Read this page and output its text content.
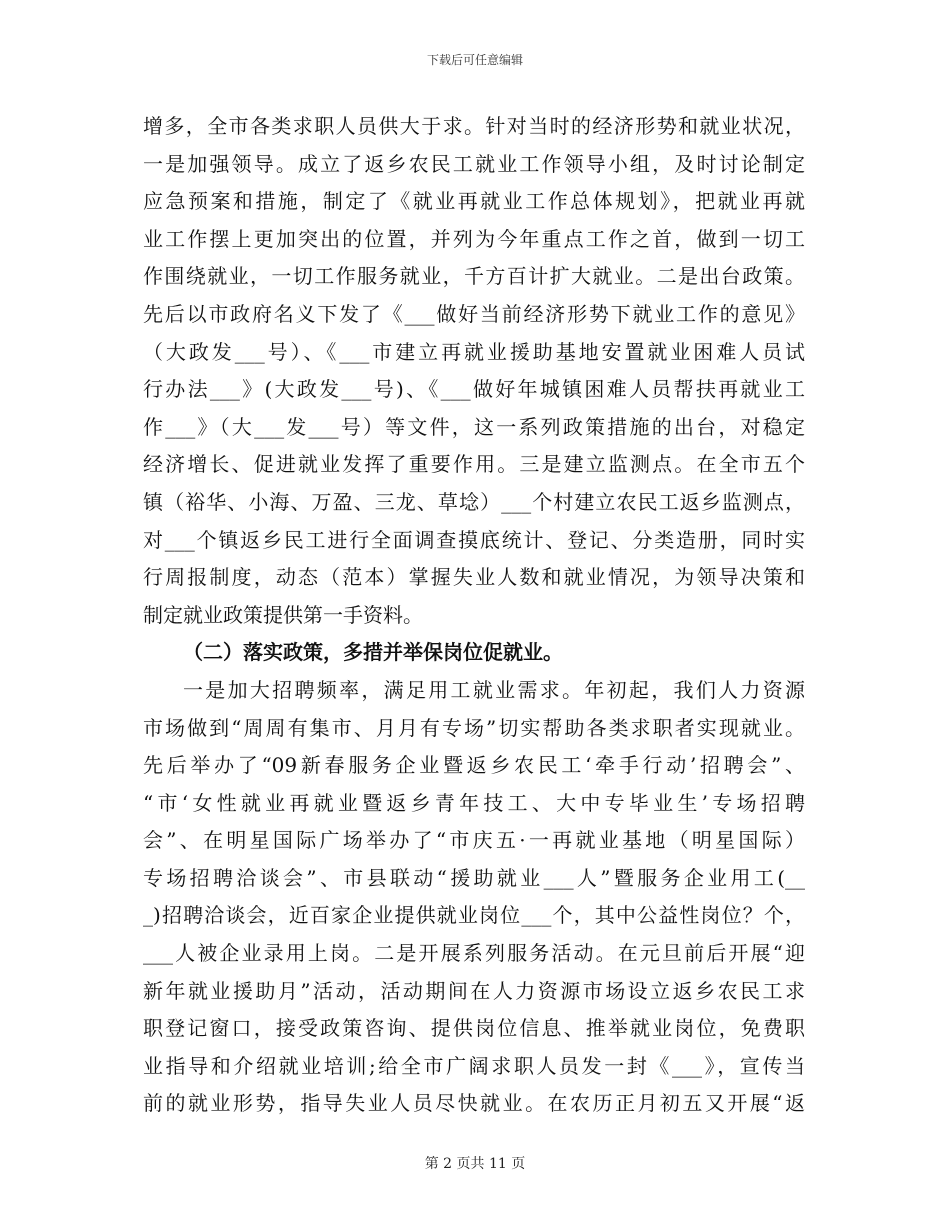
下载后可任意编辑
增多，全市各类求职人员供大于求。针对当时的经济形势和就业状况，
一是加强领导。成立了返乡农民工就业工作领导小组，及时讨论制定
应急预案和措施，制定了《就业再就业工作总体规划》，把就业再就
业工作摆上更加突出的位置，并列为今年重点工作之首，做到一切工
作围绕就业，一切工作服务就业，千方百计扩大就业。二是出台政策。
先后以市政府名义下发了《___做好当前经济形势下就业工作的意见》
（大政发___号）、《___市建立再就业援助基地安置就业困难人员试
行办法___》(大政发___号)、《___做好年城镇困难人员帮扶再就业工
作___》（大___发___号）等文件，这一系列政策措施的出台，对稳定
经济增长、促进就业发挥了重要作用。三是建立监测点。在全市五个
镇（裕华、小海、万盈、三龙、草埝）___个村建立农民工返乡监测点，
对___个镇返乡民工进行全面调查摸底统计、登记、分类造册，同时实
行周报制度，动态（范本）掌握失业人数和就业情况，为领导决策和
制定就业政策提供第一手资料。
（二）落实政策，多措并举保岗位促就业。
一是加大招聘频率，满足用工就业需求。年初起，我们人力资源
市场做到“周周有集市、月月有专场”切实帮助各类求职者实现就业。
先后举办了“09新春服务企业暨返乡农民工‘牵手行动’招聘会”、
“市‘女性就业再就业暨返乡青年技工、大中专毕业生’专场招聘
会”、在明星国际广场举办了“市庆五·一再就业基地（明星国际）
专场招聘洽谈会”、市县联动“援助就业___人”暨服务企业用工(__
_)招聘洽谈会，近百家企业提供就业岗位___个，其中公益性岗位？个，
___人被企业录用上岗。二是开展系列服务活动。在元旦前后开展“迎
新年就业援助月”活动，活动期间在人力资源市场设立返乡农民工求
职登记窗口，接受政策咨询、提供岗位信息、推举就业岗位，免费职
业指导和介绍就业培训;给全市广阔求职人员发一封《___》，宣传当
前的就业形势，指导失业人员尽快就业。在农历正月初五又开展“返
第 2 页共 11 页
